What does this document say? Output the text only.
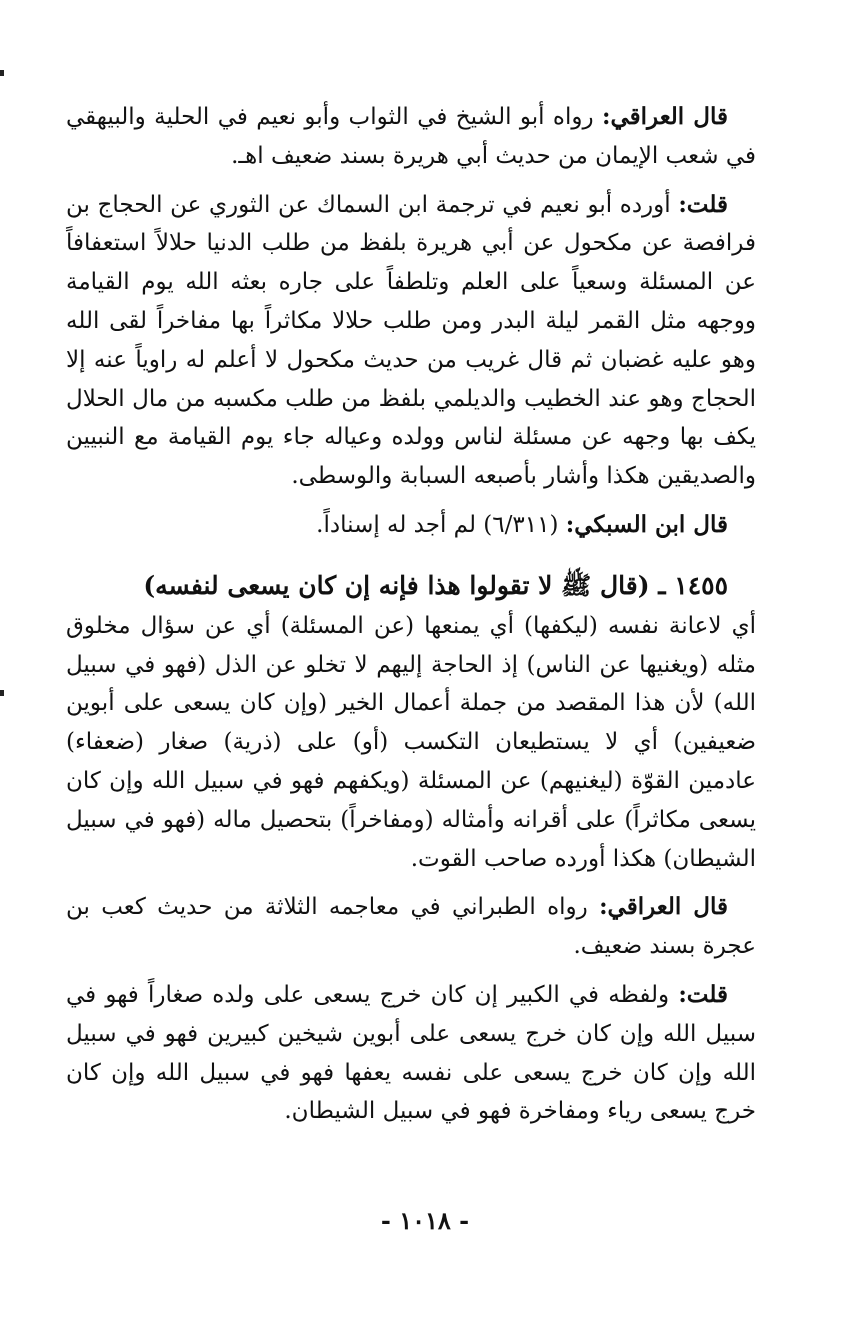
قال العراقي: رواه أبو الشيخ في الثواب وأبو نعيم في الحلية والبيهقي في شعب الإيمان من حديث أبي هريرة بسند ضعيف اهـ.

قلت: أورده أبو نعيم في ترجمة ابن السماك عن الثوري عن الحجاج بن فرافصة عن مكحول عن أبي هريرة بلفظ من طلب الدنيا حلالاً استعفافاً عن المسئلة وسعياً على العلم وتلطفاً على جاره بعثه الله يوم القيامة ووجهه مثل القمر ليلة البدر ومن طلب حلالا مكاثراً بها مفاخراً لقى الله وهو عليه غضبان ثم قال غريب من حديث مكحول لا أعلم له راوياً عنه إلا الحجاج وهو عند الخطيب والديلمي بلفظ من طلب مكسبه من مال الحلال يكف بها وجهه عن مسئلة لناس وولده وعياله جاء يوم القيامة مع النبيين والصديقين هكذا وأشار بأصبعه السبابة والوسطى.

قال ابن السبكي: (٦/٣١١) لم أجد له إسناداً.

١٤٥٥ ـ (قال ﷺ لا تقولوا هذا فإنه إن كان يسعى لنفسه)

أي لاعانة نفسه (ليكفها) أي يمنعها (عن المسئلة) أي عن سؤال مخلوق مثله (ويغنيها عن الناس) إذ الحاجة إليهم لا تخلو عن الذل (فهو في سبيل الله) لأن هذا المقصد من جملة أعمال الخير (وإن كان يسعى على أبوين ضعيفين) أي لا يستطيعان التكسب (أو) على (ذرية) صغار (ضعفاء) عادمين القوّة (ليغنيهم) عن المسئلة (ويكفهم فهو في سبيل الله وإن كان يسعى مكاثراً) على أقرانه وأمثاله (ومفاخراً) بتحصيل ماله (فهو في سبيل الشيطان) هكذا أورده صاحب القوت.

قال العراقي: رواه الطبراني في معاجمه الثلاثة من حديث كعب بن عجرة بسند ضعيف.

قلت: ولفظه في الكبير إن كان خرج يسعى على ولده صغاراً فهو في سبيل الله وإن كان خرج يسعى على أبوين شيخين كبيرين فهو في سبيل الله وإن كان خرج يسعى على نفسه يعفها فهو في سبيل الله وإن كان خرج يسعى رياء ومفاخرة فهو في سبيل الشيطان.

- ١٠١٨ -
